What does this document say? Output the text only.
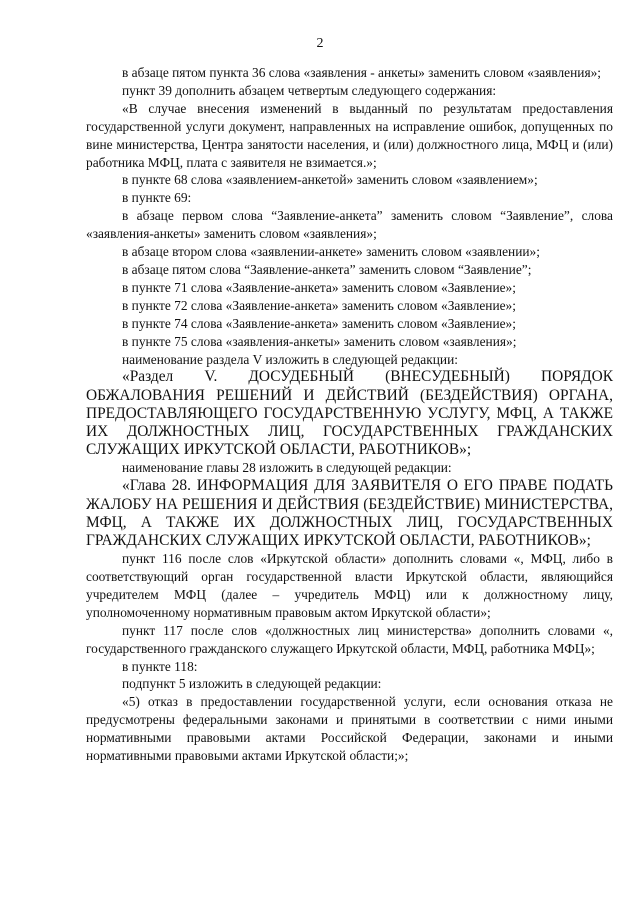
2

в абзаце пятом пункта 36 слова «заявления - анкеты» заменить словом «заявления»;

пункт 39 дополнить абзацем четвертым следующего содержания:

«В случае внесения изменений в выданный по результатам предоставления государственной услуги документ, направленных на исправление ошибок, допущенных по вине министерства, Центра занятости населения, и (или) должностного лица, МФЦ и (или) работника МФЦ, плата с заявителя не взимается.»;

в пункте 68 слова «заявлением-анкетой» заменить словом «заявлением»;

в пункте 69:

в абзаце первом слова “Заявление-анкета” заменить словом “Заявление”, слова «заявления-анкеты» заменить словом «заявления»;

в абзаце втором слова «заявлении-анкете» заменить словом «заявлении»;

в абзаце пятом слова “Заявление-анкета” заменить словом “Заявление”;

в пункте 71 слова «Заявление-анкета» заменить словом «Заявление»;

в пункте 72 слова «Заявление-анкета» заменить словом «Заявление»;

в пункте 74 слова «Заявление-анкета» заменить словом «Заявление»;

в пункте 75 слова «заявления-анкеты» заменить словом «заявления»;

наименование раздела V изложить в следующей редакции:

«Раздел V. ДОСУДЕБНЫЙ (ВНЕСУДЕБНЫЙ) ПОРЯДОК ОБЖАЛОВАНИЯ РЕШЕНИЙ И ДЕЙСТВИЙ (БЕЗДЕЙСТВИЯ) ОРГАНА, ПРЕДОСТАВЛЯЮЩЕГО ГОСУДАРСТВЕННУЮ УСЛУГУ, МФЦ, А ТАКЖЕ ИХ ДОЛЖНОСТНЫХ ЛИЦ, ГОСУДАРСТВЕННЫХ ГРАЖДАНСКИХ СЛУЖАЩИХ ИРКУТСКОЙ ОБЛАСТИ, РАБОТНИКОВ»;

наименование главы 28 изложить в следующей редакции:

«Глава 28. ИНФОРМАЦИЯ ДЛЯ ЗАЯВИТЕЛЯ О ЕГО ПРАВЕ ПОДАТЬ ЖАЛОБУ НА РЕШЕНИЯ И ДЕЙСТВИЯ (БЕЗДЕЙСТВИЕ) МИНИСТЕРСТВА, МФЦ, А ТАКЖЕ ИХ ДОЛЖНОСТНЫХ ЛИЦ, ГОСУДАРСТВЕННЫХ ГРАЖДАНСКИХ СЛУЖАЩИХ ИРКУТСКОЙ ОБЛАСТИ, РАБОТНИКОВ»;

пункт 116 после слов «Иркутской области» дополнить словами «, МФЦ, либо в соответствующий орган государственной власти Иркутской области, являющийся учредителем МФЦ (далее – учредитель МФЦ) или к должностному лицу, уполномоченному нормативным правовым актом Иркутской области»;

пункт 117 после слов «должностных лиц министерства» дополнить словами «, государственного гражданского служащего Иркутской области, МФЦ, работника МФЦ»;

в пункте 118:

подпункт 5 изложить в следующей редакции:

«5) отказ в предоставлении государственной услуги, если основания отказа не предусмотрены федеральными законами и принятыми в соответствии с ними иными нормативными правовыми актами Российской Федерации, законами и иными нормативными правовыми актами Иркутской области;»;
